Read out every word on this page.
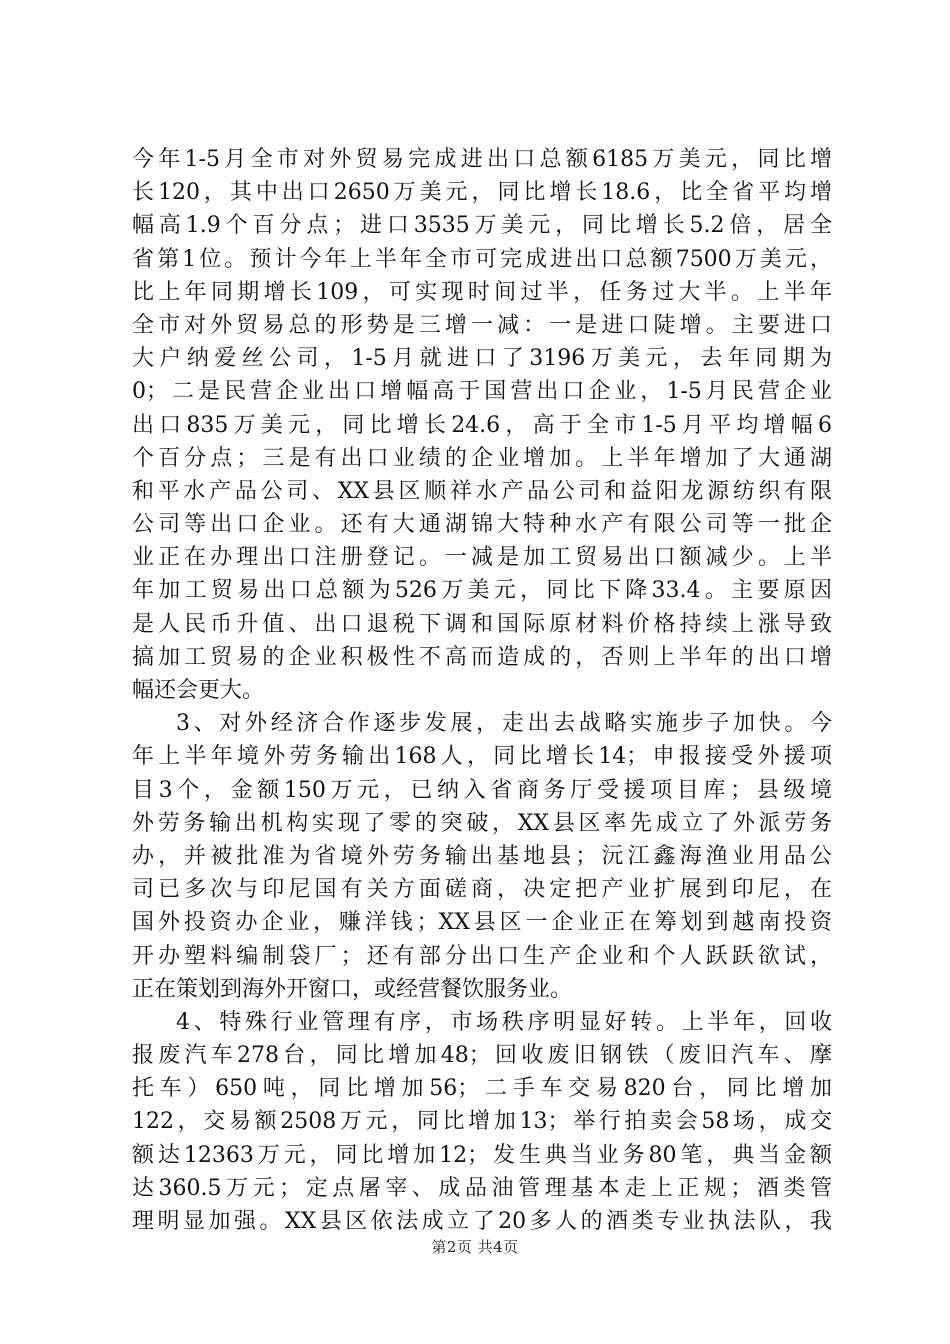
今年1-5月全市对外贸易完成进出口总额6185万美元，同比增
长120，其中出口2650万美元，同比增长18.6，比全省平均增
幅高1.9个百分点；进口3535万美元，同比增长5.2倍，居全
省第1位。预计今年上半年全市可完成进出口总额7500万美元，
比上年同期增长109，可实现时间过半，任务过大半。上半年
全市对外贸易总的形势是三增一减：一是进口陡增。主要进口
大户纳爱丝公司，1-5月就进口了3196万美元，去年同期为
0；二是民营企业出口增幅高于国营出口企业，1-5月民营企业
出口835万美元，同比增长24.6，高于全市1-5月平均增幅6
个百分点；三是有出口业绩的企业增加。上半年增加了大通湖
和平水产品公司、XX县区顺祥水产品公司和益阳龙源纺织有限
公司等出口企业。还有大通湖锦大特种水产有限公司等一批企
业正在办理出口注册登记。一减是加工贸易出口额减少。上半
年加工贸易出口总额为526万美元，同比下降33.4。主要原因
是人民币升值、出口退税下调和国际原材料价格持续上涨导致
搞加工贸易的企业积极性不高而造成的，否则上半年的出口增
幅还会更大。
3、对外经济合作逐步发展，走出去战略实施步子加快。今
年上半年境外劳务输出168人，同比增长14；申报接受外援项
目3个，金额150万元，已纳入省商务厅受援项目库；县级境
外劳务输出机构实现了零的突破，XX县区率先成立了外派劳务
办，并被批准为省境外劳务输出基地县；沅江鑫海渔业用品公
司已多次与印尼国有关方面磋商，决定把产业扩展到印尼，在
国外投资办企业，赚洋钱；XX县区一企业正在筹划到越南投资
开办塑料编制袋厂；还有部分出口生产企业和个人跃跃欲试，
正在策划到海外开窗口，或经营餐饮服务业。
4、特殊行业管理有序，市场秩序明显好转。上半年，回收
报废汽车278台，同比增加48；回收废旧钢铁（废旧汽车、摩
托车）650吨，同比增加56；二手车交易820台，同比增加
122，交易额2508万元，同比增加13；举行拍卖会58场，成交
额达12363万元，同比增加12；发生典当业务80笔，典当金额
达360.5万元；定点屠宰、成品油管理基本走上正规；酒类管
理明显加强。XX县区依法成立了20多人的酒类专业执法队，我
第2页 共4页
